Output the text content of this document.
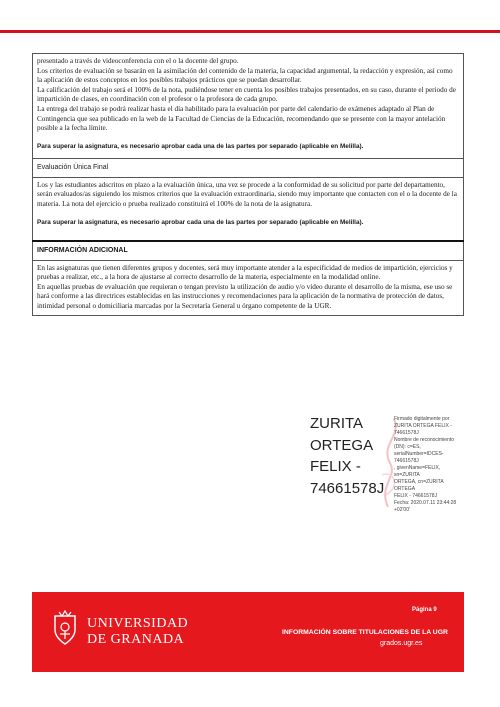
presentado a través de videoconferencia con el o la docente del grupo.

Los criterios de evaluación se basarán en la asimilación del contenido de la materia, la capacidad argumental, la redacción y expresión, así como la aplicación de estos conceptos en los posibles trabajos prácticos que se puedan desarrollar.

La calificación del trabajo será el 100% de la nota, pudiéndose tener en cuenta los posibles trabajos presentados, en su caso, durante el periodo de impartición de clases, en coordinación con el profesor o la profesora de cada grupo.

La entrega del trabajo se podrá realizar hasta el día habilitado para la evaluación por parte del calendario de exámenes adaptado al Plan de Contingencia que sea publicado en la web de la Facultad de Ciencias de la Educación, recomendando que se presente con la mayor antelación posible a la fecha límite.

Para superar la asignatura, es necesario aprobar cada una de las partes por separado (aplicable en Melilla).

Evaluación Única Final

Los y las estudiantes adscritos en plazo a la evaluación única, una vez se procede a la conformidad de su solicitud por parte del departamento, serán evaluados/as siguiendo los mismos criterios que la evaluación extraordinaria, siendo muy importante que contacten con el o la docente de la materia. La nota del ejercicio o prueba realizado constituirá el 100% de la nota de la asignatura.

Para superar la asignatura, es necesario aprobar cada una de las partes por separado (aplicable en Melilla).

INFORMACIÓN ADICIONAL

En las asignaturas que tienen diferentes grupos y docentes, será muy importante atender a la especificidad de medios de impartición, ejercicios y pruebas a realizar, etc., a la hora de ajustarse al correcto desarrollo de la materia, especialmente en la modalidad online.

En aquellas pruebas de evaluación que requieran o tengan previsto la utilización de audio y/o vídeo durante el desarrollo de la misma, ese uso se hará conforme a las directrices establecidas en las instrucciones y recomendaciones para la aplicación de la normativa de protección de datos, intimidad personal o domiciliaria marcadas por la Secretaría General u órgano competente de la UGR.

ZURITA
ORTEGA
FELIX -
74661578J
Firmado digitalmente por
ZURITA ORTEGA FELIX -
74661578J
Nombre de reconocimiento
(DN): c=ES,
serialNumber=IDCES-74661578J
, givenName=FELIX, sn=ZURITA
ORTEGA, cn=ZURITA ORTEGA
FELIX - 74661578J
Fecha: 2020.07.11 23:44:28
+02'00'
UNIVERSIDAD
DE GRANADA
Página 9
INFORMACIÓN SOBRE TITULACIONES DE LA UGR
grados.ugr.es
